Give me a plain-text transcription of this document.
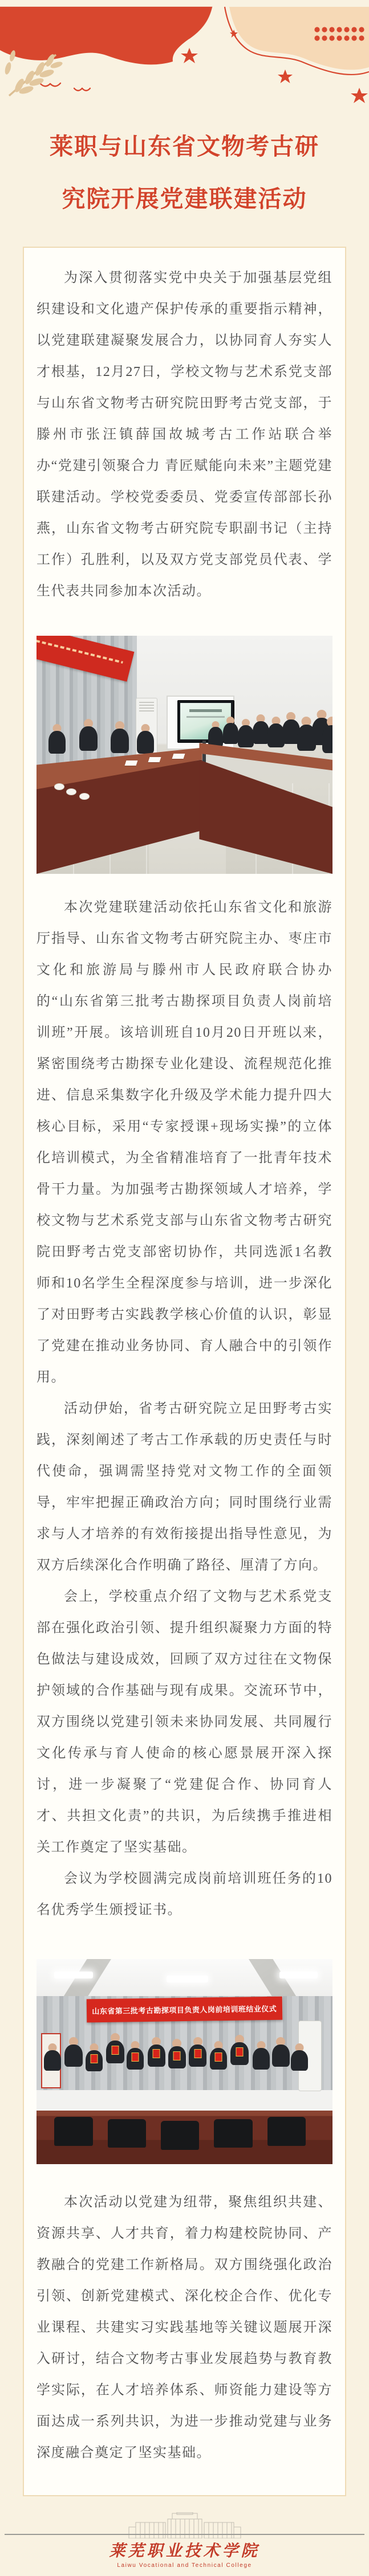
莱职与山东省文物考古研
究院开展党建联建活动

为深入贯彻落实党中央关于加强基层党组织建设和文化遗产保护传承的重要指示精神，以党建联建凝聚发展合力，以协同育人夯实人才根基，12月27日，学校文物与艺术系党支部与山东省文物考古研究院田野考古党支部，于滕州市张汪镇薛国故城考古工作站联合举办“党建引领聚合力 青匠赋能向未来”主题党建联建活动。学校党委委员、党委宣传部部长孙燕，山东省文物考古研究院专职副书记（主持工作）孔胜利，以及双方党支部党员代表、学生代表共同参加本次活动。

本次党建联建活动依托山东省文化和旅游厅指导、山东省文物考古研究院主办、枣庄市文化和旅游局与滕州市人民政府联合协办的“山东省第三批考古勘探项目负责人岗前培训班”开展。该培训班自10月20日开班以来，紧密围绕考古勘探专业化建设、流程规范化推进、信息采集数字化升级及学术能力提升四大核心目标，采用“专家授课+现场实操”的立体化培训模式，为全省精准培育了一批青年技术骨干力量。为加强考古勘探领域人才培养，学校文物与艺术系党支部与山东省文物考古研究院田野考古党支部密切协作，共同选派1名教师和10名学生全程深度参与培训，进一步深化了对田野考古实践教学核心价值的认识，彰显了党建在推动业务协同、育人融合中的引领作用。

活动伊始，省考古研究院立足田野考古实践，深刻阐述了考古工作承载的历史责任与时代使命，强调需坚持党对文物工作的全面领导，牢牢把握正确政治方向；同时围绕行业需求与人才培养的有效衔接提出指导性意见，为双方后续深化合作明确了路径、厘清了方向。

会上，学校重点介绍了文物与艺术系党支部在强化政治引领、提升组织凝聚力方面的特色做法与建设成效，回顾了双方过往在文物保护领域的合作基础与现有成果。交流环节中，双方围绕以党建引领未来协同发展、共同履行文化传承与育人使命的核心愿景展开深入探讨，进一步凝聚了“党建促合作、协同育人才、共担文化责”的共识，为后续携手推进相关工作奠定了坚实基础。

会议为学校圆满完成岗前培训班任务的10名优秀学生颁授证书。

山东省第三批考古勘探项目负责人岗前培训班结业仪式

本次活动以党建为纽带，聚焦组织共建、资源共享、人才共育，着力构建校院协同、产教融合的党建工作新格局。双方围绕强化政治引领、创新党建模式、深化校企合作、优化专业课程、共建实习实践基地等关键议题展开深入研讨，结合文物考古事业发展趋势与教育教学实际，在人才培养体系、师资能力建设等方面达成一系列共识，为进一步推动党建与业务深度融合奠定了坚实基础。

莱芜职业技术学院
Laiwu Vocational and Technical College
